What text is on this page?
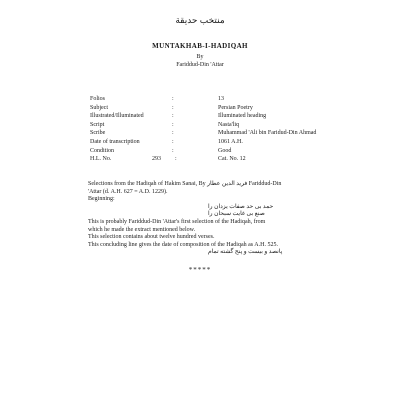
منتخب حدیقة
MUNTAKHAB-I-HADIQAH
By
Fariddud-Din 'Attar
Folios	:	13
Subject	:	Persian Poetry
Illustrated/Illuminated	:	Illuminated heading
Script	:	Nasta'liq
Scribe	:	Muhammad 'Ali bin Faridud-Din Ahmad
Date of transcription	:	1061 A.H.
Condition	:	Good
H.L. No.	293 :	Cat. No. 12
Selections from the Hadiqah of Hakim Sanai, By فرید الدین عطار Fariddud-Din
'Attar (d. A.H. 627 = A.D. 1229).
Beginning:
حمد بی حد صفات یزدان را
صنع بی غایت سبحان را
This is probably Fariddud-Din 'Attar's first selection of the Hadiqah, from
which he made the extract mentioned below.
This selection contains about twelve hundred verses.
This concluding line gives the date of composition of the Hadiqah as A.H. 525.
پانصد و بیست و پنج گشته تمام
*****
